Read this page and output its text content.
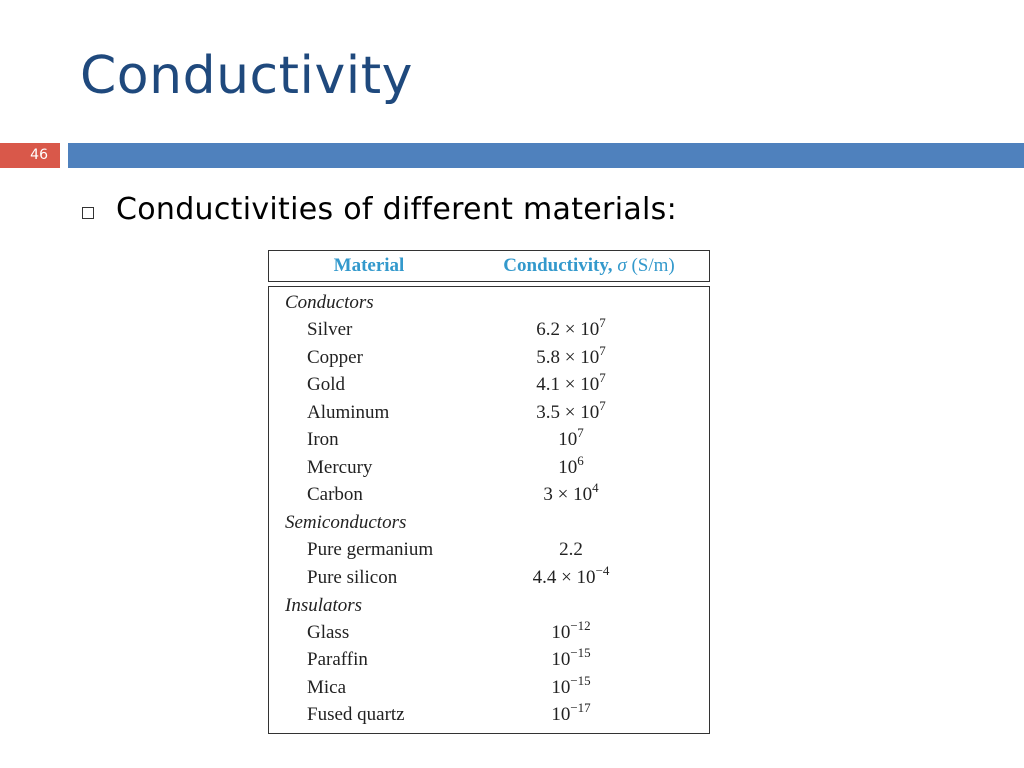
Conductivity
46
Conductivities of different materials:
Material	Conductivity, σ (S/m)
Conductors
Silver	$6.2 \times 10^7$
Copper	$5.8 \times 10^7$
Gold	$4.1 \times 10^7$
Aluminum	$3.5 \times 10^7$
Iron	$10^7$
Mercury	$10^6$
Carbon	$3 \times 10^4$
Semiconductors
Pure germanium	2.2
Pure silicon	$4.4 \times 10^{-4}$
Insulators
Glass	$10^{-12}$
Paraffin	$10^{-15}$
Mica	$10^{-15}$
Fused quartz	$10^{-17}$
